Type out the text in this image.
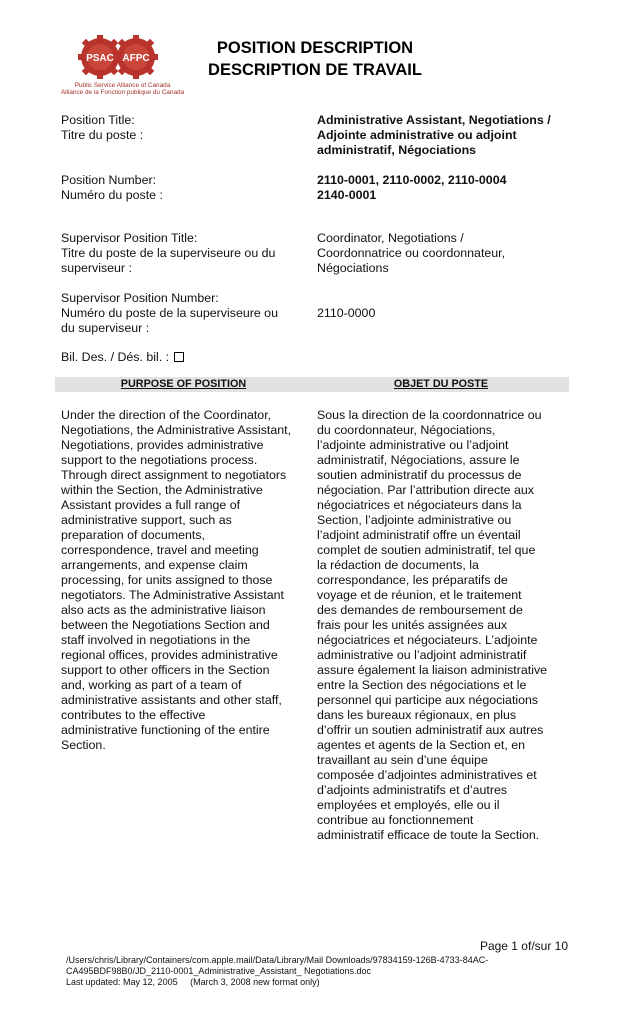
PSAC AFPC
Public Service Alliance of Canada
Alliance de la Fonction publique du Canada
POSITION DESCRIPTION
DESCRIPTION DE TRAVAIL
Position Title:
Titre du poste :
Administrative Assistant, Negotiations /
Adjointe administrative ou adjoint
administratif, Négociations
Position Number:
Numéro du poste :
2110-0001, 2110-0002, 2110-0004
2140-0001
Supervisor Position Title:
Titre du poste de la superviseure ou du
superviseur :
Coordinator, Negotiations /
Coordonnatrice ou coordonnateur,
Négociations
Supervisor Position Number:
Numéro du poste de la superviseure ou
du superviseur :
2110-0000
Bil. Des. / Dés. bil. :
PURPOSE OF POSITION	OBJET DU POSTE
Under the direction of the Coordinator,
Negotiations, the Administrative Assistant,
Negotiations, provides administrative
support to the negotiations process.
Through direct assignment to negotiators
within the Section, the Administrative
Assistant provides a full range of
administrative support, such as
preparation of documents,
correspondence, travel and meeting
arrangements, and expense claim
processing, for units assigned to those
negotiators. The Administrative Assistant
also acts as the administrative liaison
between the Negotiations Section and
staff involved in negotiations in the
regional offices, provides administrative
support to other officers in the Section
and, working as part of a team of
administrative assistants and other staff,
contributes to the effective
administrative functioning of the entire
Section.
Sous la direction de la coordonnatrice ou
du coordonnateur, Négociations,
l’adjointe administrative ou l’adjoint
administratif, Négociations, assure le
soutien administratif du processus de
négociation. Par l’attribution directe aux
négociatrices et négociateurs dans la
Section, l’adjointe administrative ou
l’adjoint administratif offre un éventail
complet de soutien administratif, tel que
la rédaction de documents, la
correspondance, les préparatifs de
voyage et de réunion, et le traitement
des demandes de remboursement de
frais pour les unités assignées aux
négociatrices et négociateurs. L’adjointe
administrative ou l’adjoint administratif
assure également la liaison administrative
entre la Section des négociations et le
personnel qui participe aux négociations
dans les bureaux régionaux, en plus
d’offrir un soutien administratif aux autres
agentes et agents de la Section et, en
travaillant au sein d’une équipe
composée d’adjointes administratives et
d’adjoints administratifs et d’autres
employées et employés, elle ou il
contribue au fonctionnement
administratif efficace de toute la Section.
Page 1 of/sur 10
/Users/chris/Library/Containers/com.apple.mail/Data/Library/Mail Downloads/97834159-126B-4733-84AC-
CA495BDF98B0/JD_2110-0001_Administrative_Assistant_ Negotiations.doc
Last updated: May 12, 2005     (March 3, 2008 new format only)
